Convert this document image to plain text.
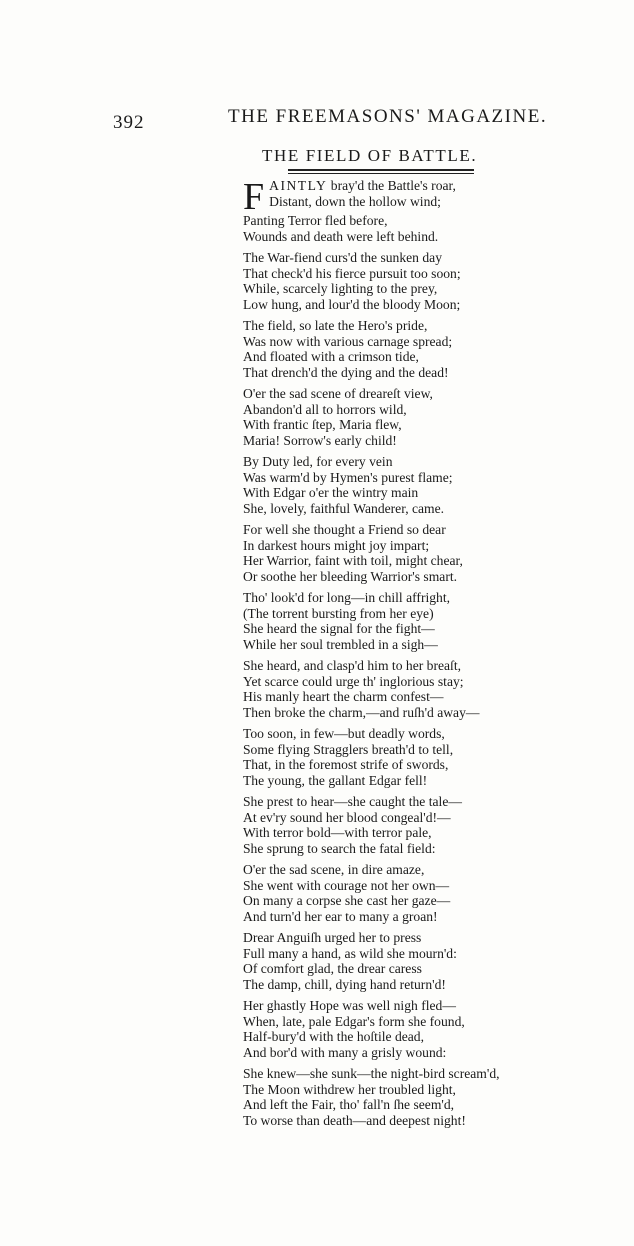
392	THE FREEMASONS' MAGAZINE.
THE FIELD OF BATTLE.
F AINTLY bray'd the Battle's roar,
Distant, down the hollow wind;
Panting Terror fled before,
Wounds and death were left behind.
The War-fiend curs'd the sunken day
That check'd his fierce pursuit too soon;
While, scarcely lighting to the prey,
Low hung, and lour'd the bloody Moon;
The field, so late the Hero's pride,
Was now with various carnage spread;
And floated with a crimson tide,
That drench'd the dying and the dead!
O'er the sad scene of dreareſt view,
Abandon'd all to horrors wild,
With frantic ſtep, Maria flew,
Maria! Sorrow's early child!
By Duty led, for every vein
Was warm'd by Hymen's purest flame;
With Edgar o'er the wintry main
She, lovely, faithful Wanderer, came.
For well she thought a Friend so dear
In darkest hours might joy impart;
Her Warrior, faint with toil, might chear,
Or soothe her bleeding Warrior's smart.
Tho' look'd for long—in chill affright,
(The torrent bursting from her eye)
She heard the signal for the fight—
While her soul trembled in a sigh—
She heard, and clasp'd him to her breaſt,
Yet scarce could urge th' inglorious stay;
His manly heart the charm confest—
Then broke the charm,—and ruſh'd away—
Too soon, in few—but deadly words,
Some flying Stragglers breath'd to tell,
That, in the foremost strife of swords,
The young, the gallant Edgar fell!
She prest to hear—she caught the tale—
At ev'ry sound her blood congeal'd!—
With terror bold—with terror pale,
She sprung to search the fatal field:
O'er the sad scene, in dire amaze,
She went with courage not her own—
On many a corpse she cast her gaze—
And turn'd her ear to many a groan!
Drear Anguiſh urged her to press
Full many a hand, as wild she mourn'd:
Of comfort glad, the drear caress
The damp, chill, dying hand return'd!
Her ghastly Hope was well nigh fled—
When, late, pale Edgar's form she found,
Half-bury'd with the hoſtile dead,
And bor'd with many a grisly wound:
She knew—she sunk—the night-bird scream'd,
The Moon withdrew her troubled light,
And left the Fair, tho' fall'n ſhe seem'd,
To worse than death—and deepest night!
